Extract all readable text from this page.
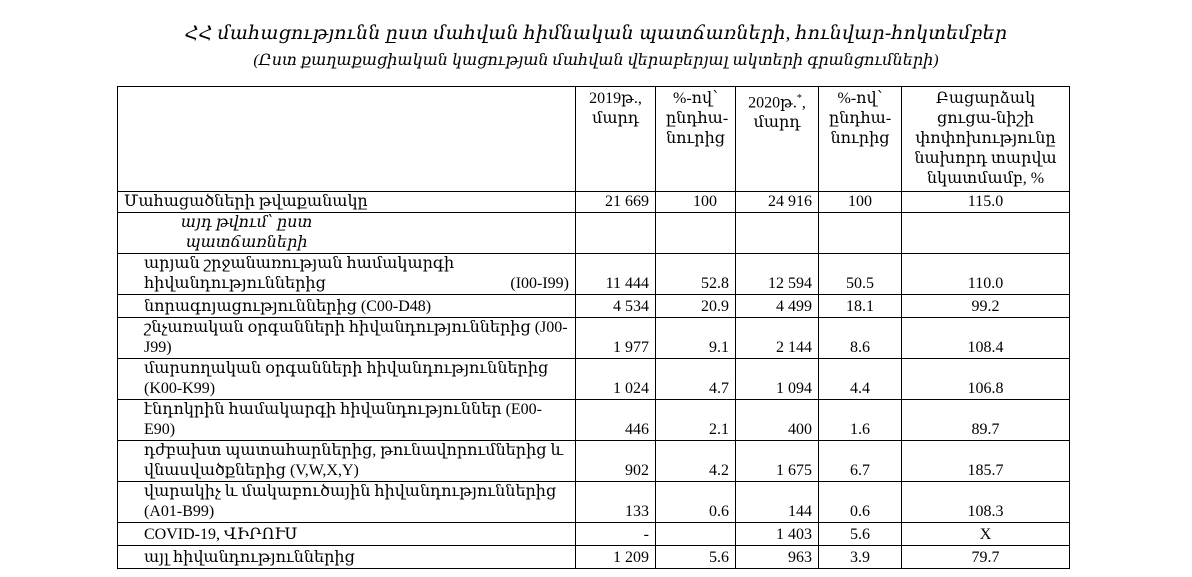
ՀՀ մահացությունն ըստ մահվան հիմնական պատճառների, հունվար-հոկտեմբեր
(Ըստ քաղաքացիական կացության մահվան վերաբերյալ ակտերի գրանցումների)
	2019թ., մարդ	%-ով՝ ընդհա-նուրից	2020թ.*, մարդ	%-ով՝ ընդհա-նուրից	Բացարձակ ցուցա-նիշի փոփոխությունը նախորդ տարվա նկատմամբ, %
Մահացածների թվաքանակը	21 669	100	24 916	100	115.0
այդ թվում՝ ըստ պատճառների					
արյան շրջանառության համակարգի հիվանդություններից (I00-I99)	11 444	52.8	12 594	50.5	110.0
նորագոյացություններից (C00-D48)	4 534	20.9	4 499	18.1	99.2
շնչառական օրգանների հիվանդություններից (J00-J99)	1 977	9.1	2 144	8.6	108.4
մարսողական օրգանների հիվանդություններից (K00-K99)	1 024	4.7	1 094	4.4	106.8
էնդոկրին համակարգի հիվանդություններ (E00-E90)	446	2.1	400	1.6	89.7
դժբախտ պատահարներից, թունավորումներից և վնասվածքներից (V,W,X,Y)	902	4.2	1 675	6.7	185.7
վարակիչ և մակաբուծային հիվանդություններից (A01-B99)	133	0.6	144	0.6	108.3
COVID-19, ՎԻՐՈՒՍ	-		1 403	5.6	X
այլ հիվանդություններից	1 209	5.6	963	3.9	79.7
